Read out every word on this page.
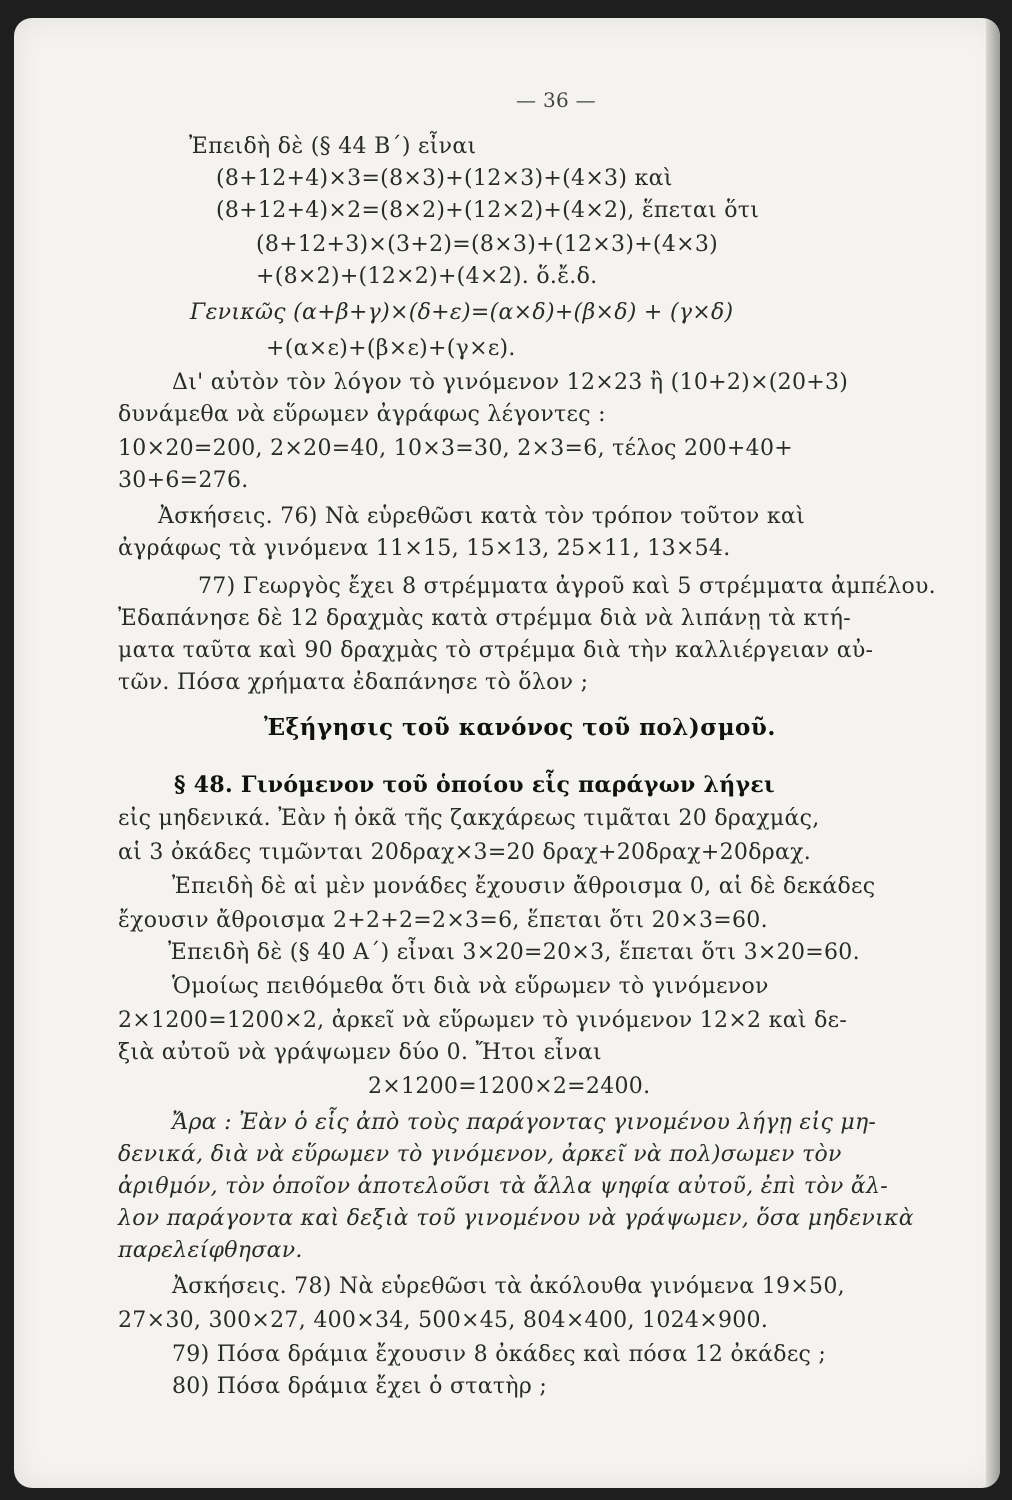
— 36 —
Ἐπειδὴ δὲ (§ 44 Β΄) εἶναι
(8+12+4)×3=(8×3)+(12×3)+(4×3) καὶ
(8+12+4)×2=(8×2)+(12×2)+(4×2), ἕπεται ὅτι
(8+12+3)×(3+2)=(8×3)+(12×3)+(4×3)
+(8×2)+(12×2)+(4×2). ὅ.ἔ.δ.
Γενικῶς (α+β+γ)×(δ+ε)=(α×δ)+(β×δ) + (γ×δ)
+(α×ε)+(β×ε)+(γ×ε).
Δι' αὐτὸν τὸν λόγον τὸ γινόμενον 12×23 ἢ (10+2)×(20+3)
δυνάμεθα νὰ εὕρωμεν ἀγράφως λέγοντες :
10×20=200, 2×20=40, 10×3=30, 2×3=6, τέλος 200+40+
30+6=276.
Ἀσκήσεις. 76) Νὰ εὑρεθῶσι κατὰ τὸν τρόπον τοῦτον καὶ
ἀγράφως τὰ γινόμενα 11×15, 15×13, 25×11, 13×54.
77) Γεωργὸς ἔχει 8 στρέμματα ἀγροῦ καὶ 5 στρέμματα ἀμπέλου.
Ἐδαπάνησε δὲ 12 δραχμὰς κατὰ στρέμμα διὰ νὰ λιπάνῃ τὰ κτή-
ματα ταῦτα καὶ 90 δραχμὰς τὸ στρέμμα διὰ τὴν καλλιέργειαν αὐ-
τῶν. Πόσα χρήματα ἐδαπάνησε τὸ ὅλον ;
Ἐξήγησις τοῦ κανόνος τοῦ πολ)σμοῦ.
§ 48. Γινόμενον τοῦ ὁποίου εἷς παράγων λήγει
εἰς μηδενικά. Ἐὰν ἡ ὀκᾶ τῆς ζακχάρεως τιμᾶται 20 δραχμάς,
αἱ 3 ὀκάδες τιμῶνται 20δραχ×3=20 δραχ+20δραχ+20δραχ.
Ἐπειδὴ δὲ αἱ μὲν μονάδες ἔχουσιν ἄθροισμα 0, αἱ δὲ δεκάδες
ἔχουσιν ἄθροισμα 2+2+2=2×3=6, ἕπεται ὅτι 20×3=60.
Ἐπειδὴ δὲ (§ 40 Α΄) εἶναι 3×20=20×3, ἕπεται ὅτι 3×20=60.
Ὁμοίως πειθόμεθα ὅτι διὰ νὰ εὕρωμεν τὸ γινόμενον
2×1200=1200×2, ἀρκεῖ νὰ εὕρωμεν τὸ γινόμενον 12×2 καὶ δε-
ξιὰ αὐτοῦ νὰ γράψωμεν δύο 0. Ἤτοι εἶναι
2×1200=1200×2=2400.
Ἄρα : Ἐὰν ὁ εἷς ἀπὸ τοὺς παράγοντας γινομένου λήγῃ εἰς μη-
δενικά, διὰ νὰ εὕρωμεν τὸ γινόμενον, ἀρκεῖ νὰ πολ)σωμεν τὸν
ἀριθμόν, τὸν ὁποῖον ἀποτελοῦσι τὰ ἄλλα ψηφία αὐτοῦ, ἐπὶ τὸν ἄλ-
λον παράγοντα καὶ δεξιὰ τοῦ γινομένου νὰ γράψωμεν, ὅσα μηδενικὰ
παρελείφθησαν.
Ἀσκήσεις. 78) Νὰ εὑρεθῶσι τὰ ἀκόλουθα γινόμενα 19×50,
27×30, 300×27, 400×34, 500×45, 804×400, 1024×900.
79) Πόσα δράμια ἔχουσιν 8 ὀκάδες καὶ πόσα 12 ὀκάδες ;
80) Πόσα δράμια ἔχει ὁ στατὴρ ;
